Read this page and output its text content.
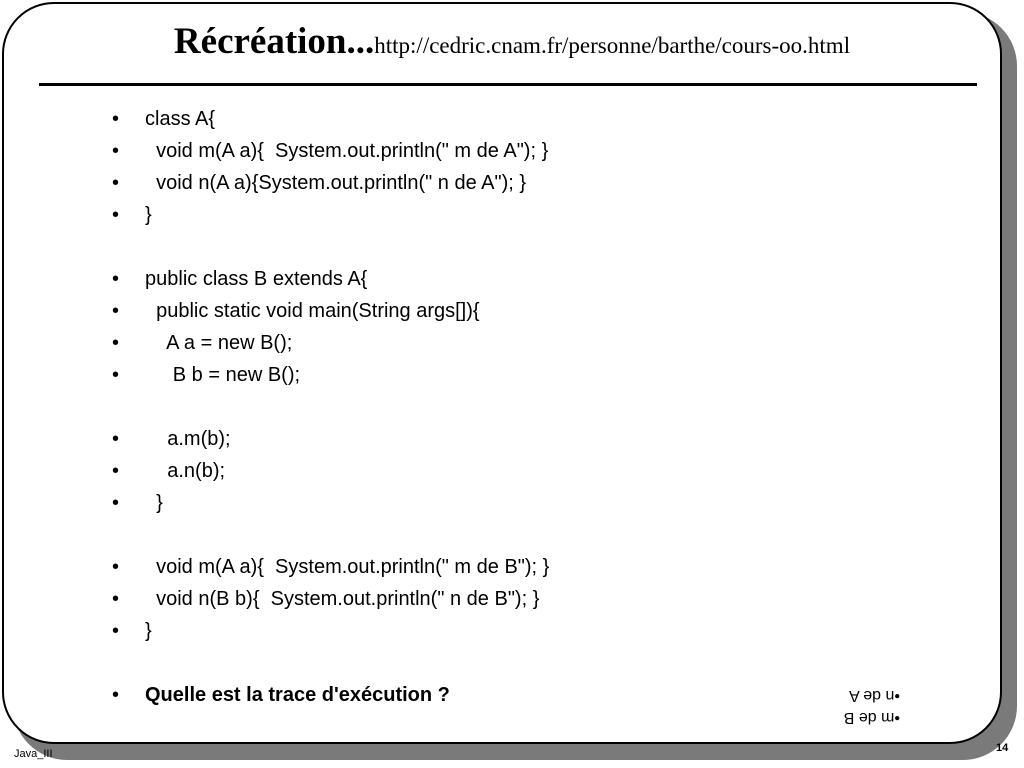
Récréation...http://cedric.cnam.fr/personne/barthe/cours-oo.html
• class A{
•  void m(A a){  System.out.println(" m de A"); }
•  void n(A a){System.out.println(" n de A"); }
• }
• public class B extends A{
•  public static void main(String args[]){
•    A a = new B();
•     B b = new B();
•    a.m(b);
•    a.n(b);
•  }
•  void m(A a){  System.out.println(" m de B"); }
•  void n(B b){  System.out.println(" n de B"); }
• }
• Quelle est la trace d'exécution ?
•m de B
•n de A
Java_III	14
